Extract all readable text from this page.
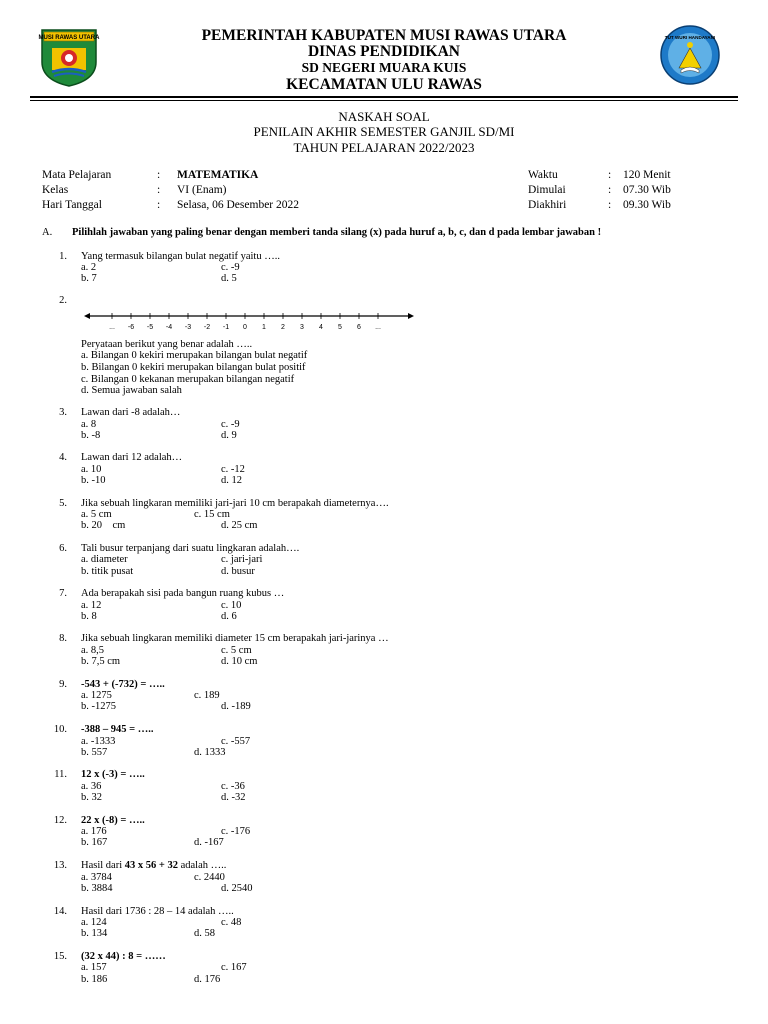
MUSI RAWAS UTARA	TUT WURI HANDAYANI
PEMERINTAH KABUPATEN MUSI RAWAS UTARA
DINAS PENDIDIKAN
SD NEGERI MUARA KUIS
KECAMATAN ULU RAWAS
NASKAH SOAL
PENILAIN AKHIR SEMESTER GANJIL SD/MI
TAHUN PELAJARAN 2022/2023
Mata Pelajaran	: MATEMATIKA
Kelas	: VI (Enam)
Hari Tanggal	: Selasa, 06 Desember 2022
Waktu	: 120 Menit
Dimulai	: 07.30 Wib
Diakhiri	: 09.30 Wib
A. Pilihlah jawaban yang paling benar dengan memberi tanda silang (x) pada huruf a, b, c, dan d pada lembar jawaban !
1. Yang termasuk bilangan bulat negatif yaitu …..
a. 2
b. 7
c. -9
d. 5
2.
... -6 -5 -4 -3 -2 -1 0 1 2 3 4 5 6 ...
Peryataan berikut yang benar adalah …..
a. Bilangan 0 kekiri merupakan bilangan bulat negatif
b. Bilangan 0 kekiri merupakan bilangan bulat positif
c. Bilangan 0 kekanan merupakan bilangan negatif
d. Semua jawaban salah
3. Lawan dari -8 adalah…
a. 8
b. -8
c. -9
d. 9
4. Lawan dari 12 adalah…
a. 10
b. -10
c. -12
d. 12
5. Jika sebuah lingkaran memiliki jari-jari 10 cm berapakah diameternya….
a. 5 cm
b. 20    cm
c. 15 cm
d. 25 cm
6. Tali busur terpanjang dari suatu lingkaran adalah….
a. diameter
b. titik pusat
c. jari-jari
d. busur
7. Ada berapakah sisi pada bangun ruang kubus …
a. 12
b. 8
c. 10
d. 6
8. Jika sebuah lingkaran memiliki diameter 15 cm berapakah jari-jarinya …
a. 8,5
b. 7,5 cm
c. 5 cm
d. 10 cm
9. -543 + (-732) = …..
a. 1275
b. -1275
c. 189
d. -189
10. -388 – 945 = …..
a. -1333
b. 557
c. -557
d. 1333
11. 12 x (-3) = …..
a. 36
b. 32
c. -36
d. -32
12. 22 x (-8) = …..
a. 176
b. 167
c. -176
d. -167
13. Hasil dari 43 x 56 + 32 adalah …..
a. 3784
b. 3884
c. 2440
d. 2540
14. Hasil dari 1736 : 28 – 14 adalah …..
a. 124
b. 134
c. 48
d. 58
15. (32 x 44) : 8 = ……
a. 157
b. 186
c. 167
d. 176
